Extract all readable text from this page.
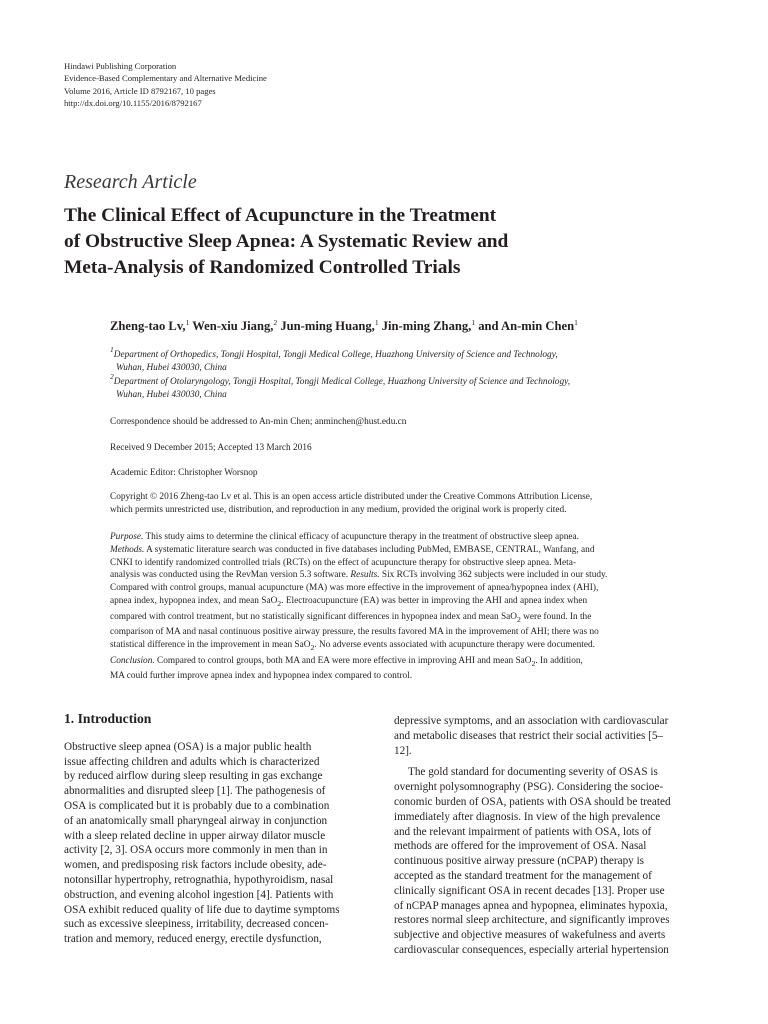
Hindawi Publishing Corporation
Evidence-Based Complementary and Alternative Medicine
Volume 2016, Article ID 8792167, 10 pages
http://dx.doi.org/10.1155/2016/8792167
Research Article
The Clinical Effect of Acupuncture in the Treatment
of Obstructive Sleep Apnea: A Systematic Review and
Meta-Analysis of Randomized Controlled Trials
Zheng-tao Lv,$^1$ Wen-xiu Jiang,$^2$ Jun-ming Huang,$^1$ Jin-ming Zhang,$^1$ and An-min Chen$^1$
$^1$Department of Orthopedics, Tongji Hospital, Tongji Medical College, Huazhong University of Science and Technology,
Wuhan, Hubei 430030, China
$^2$Department of Otolaryngology, Tongji Hospital, Tongji Medical College, Huazhong University of Science and Technology,
Wuhan, Hubei 430030, China
Correspondence should be addressed to An-min Chen; anminchen@hust.edu.cn
Received 9 December 2015; Accepted 13 March 2016
Academic Editor: Christopher Worsnop
Copyright © 2016 Zheng-tao Lv et al. This is an open access article distributed under the Creative Commons Attribution License,
which permits unrestricted use, distribution, and reproduction in any medium, provided the original work is properly cited.
Purpose. This study aims to determine the clinical efficacy of acupuncture therapy in the treatment of obstructive sleep apnea.
Methods. A systematic literature search was conducted in five databases including PubMed, EMBASE, CENTRAL, Wanfang, and
CNKI to identify randomized controlled trials (RCTs) on the effect of acupuncture therapy for obstructive sleep apnea. Meta-
analysis was conducted using the RevMan version 5.3 software. Results. Six RCTs involving 362 subjects were included in our study.
Compared with control groups, manual acupuncture (MA) was more effective in the improvement of apnea/hypopnea index (AHI),
apnea index, hypopnea index, and mean SaO$_2$. Electroacupuncture (EA) was better in improving the AHI and apnea index when
compared with control treatment, but no statistically significant differences in hypopnea index and mean SaO$_2$ were found. In the
comparison of MA and nasal continuous positive airway pressure, the results favored MA in the improvement of AHI; there was no
statistical difference in the improvement in mean SaO$_2$. No adverse events associated with acupuncture therapy were documented.
Conclusion. Compared to control groups, both MA and EA were more effective in improving AHI and mean SaO$_2$. In addition,
MA could further improve apnea index and hypopnea index compared to control.
1. Introduction
Obstructive sleep apnea (OSA) is a major public health
issue affecting children and adults which is characterized
by reduced airflow during sleep resulting in gas exchange
abnormalities and disrupted sleep [1]. The pathogenesis of
OSA is complicated but it is probably due to a combination
of an anatomically small pharyngeal airway in conjunction
with a sleep related decline in upper airway dilator muscle
activity [2, 3]. OSA occurs more commonly in men than in
women, and predisposing risk factors include obesity, ade-
notonsillar hypertrophy, retrognathia, hypothyroidism, nasal
obstruction, and evening alcohol ingestion [4]. Patients with
OSA exhibit reduced quality of life due to daytime symptoms
such as excessive sleepiness, irritability, decreased concen-
tration and memory, reduced energy, erectile dysfunction,
depressive symptoms, and an association with cardiovascular
and metabolic diseases that restrict their social activities [5–
12].
The gold standard for documenting severity of OSAS is
overnight polysomnography (PSG). Considering the socioe-
conomic burden of OSA, patients with OSA should be treated
immediately after diagnosis. In view of the high prevalence
and the relevant impairment of patients with OSA, lots of
methods are offered for the improvement of OSA. Nasal
continuous positive airway pressure (nCPAP) therapy is
accepted as the standard treatment for the management of
clinically significant OSA in recent decades [13]. Proper use
of nCPAP manages apnea and hypopnea, eliminates hypoxia,
restores normal sleep architecture, and significantly improves
subjective and objective measures of wakefulness and averts
cardiovascular consequences, especially arterial hypertension
